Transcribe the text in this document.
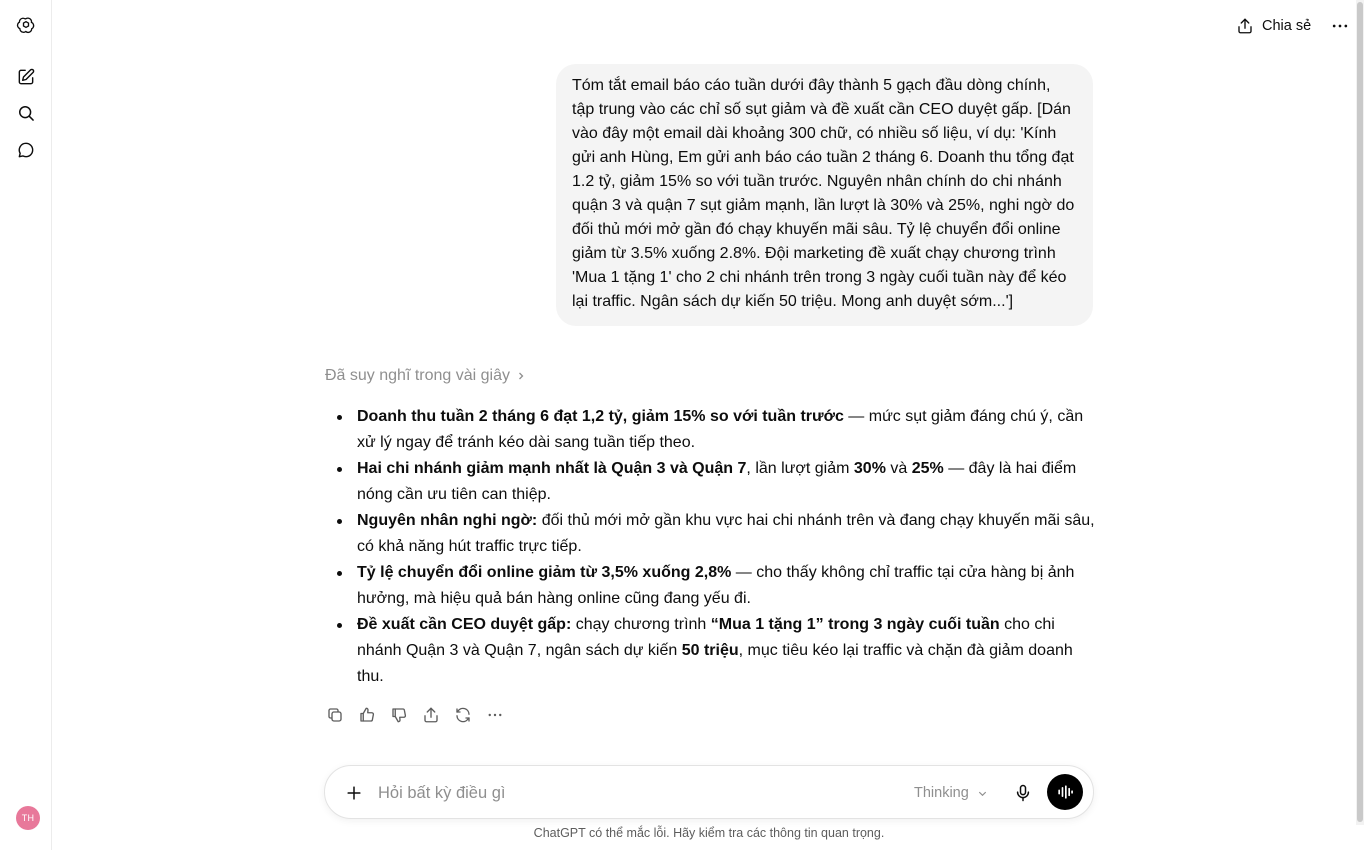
TH
Chia sẻ
Tóm tắt email báo cáo tuần dưới đây thành 5 gạch đầu dòng chính, tập trung vào các chỉ số sụt giảm và đề xuất cần CEO duyệt gấp. [Dán vào đây một email dài khoảng 300 chữ, có nhiều số liệu, ví dụ: 'Kính gửi anh Hùng, Em gửi anh báo cáo tuần 2 tháng 6. Doanh thu tổng đạt 1.2 tỷ, giảm 15% so với tuần trước. Nguyên nhân chính do chi nhánh quận 3 và quận 7 sụt giảm mạnh, lần lượt là 30% và 25%, nghi ngờ do đối thủ mới mở gần đó chạy khuyến mãi sâu. Tỷ lệ chuyển đổi online giảm từ 3.5% xuống 2.8%. Đội marketing đề xuất chạy chương trình 'Mua 1 tặng 1' cho 2 chi nhánh trên trong 3 ngày cuối tuần này để kéo lại traffic. Ngân sách dự kiến 50 triệu. Mong anh duyệt sớm...']
Đã suy nghĩ trong vài giây
Doanh thu tuần 2 tháng 6 đạt 1,2 tỷ, giảm 15% so với tuần trước — mức sụt giảm đáng chú ý, cần xử lý ngay để tránh kéo dài sang tuần tiếp theo.
Hai chi nhánh giảm mạnh nhất là Quận 3 và Quận 7, lần lượt giảm 30% và 25% — đây là hai điểm nóng cần ưu tiên can thiệp.
Nguyên nhân nghi ngờ: đối thủ mới mở gần khu vực hai chi nhánh trên và đang chạy khuyến mãi sâu, có khả năng hút traffic trực tiếp.
Tỷ lệ chuyển đổi online giảm từ 3,5% xuống 2,8% — cho thấy không chỉ traffic tại cửa hàng bị ảnh hưởng, mà hiệu quả bán hàng online cũng đang yếu đi.
Đề xuất cần CEO duyệt gấp: chạy chương trình “Mua 1 tặng 1” trong 3 ngày cuối tuần cho chi nhánh Quận 3 và Quận 7, ngân sách dự kiến 50 triệu, mục tiêu kéo lại traffic và chặn đà giảm doanh thu.
Hỏi bất kỳ điều gì
Thinking
ChatGPT có thể mắc lỗi. Hãy kiểm tra các thông tin quan trọng.
